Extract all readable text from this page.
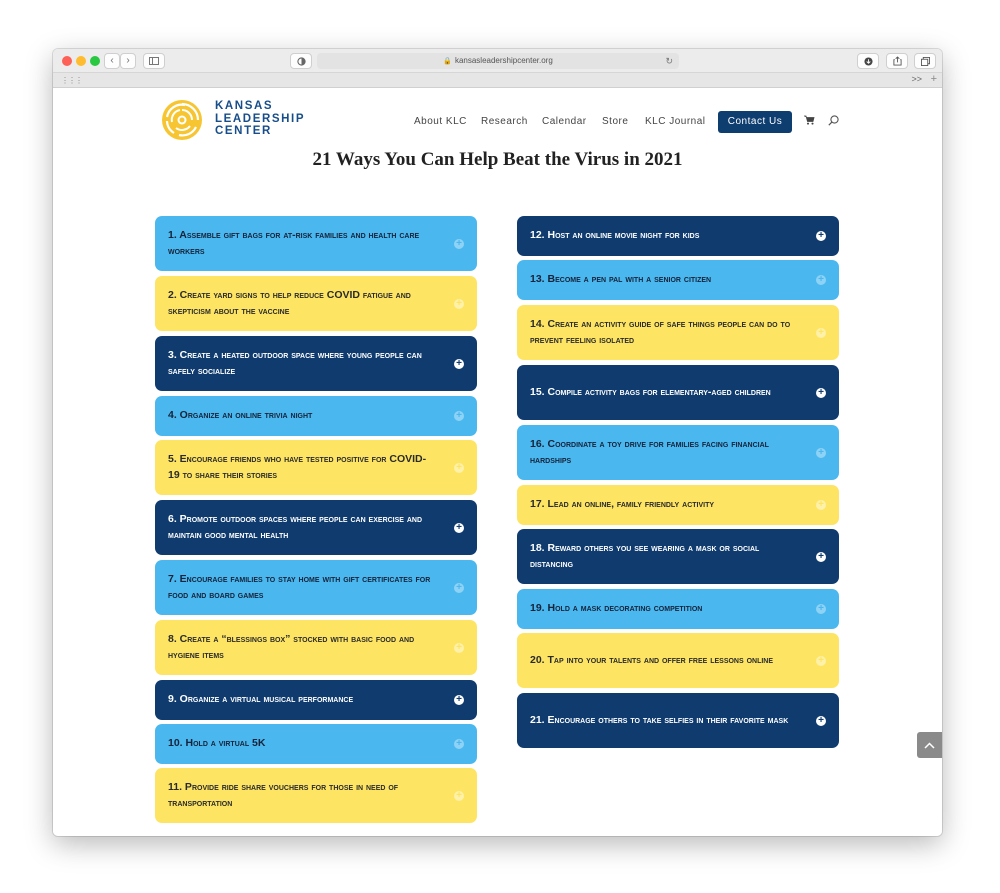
‹	›	🔒 kansasleadershipcenter.org	↻
⋮⋮⋮	>> +
KANSAS
LEADERSHIP
CENTER
About KLC Research Calendar Store KLC Journal	Contact Us
21 Ways You Can Help Beat the Virus in 2021
1. Assemble gift bags for at-risk families and health care workers
+
2. Create yard signs to help reduce COVID fatigue and skepticism about the vaccine
+
3. Create a heated outdoor space where young people can safely socialize
+
4. Organize an online trivia night	+
5. Encourage friends who have tested positive for COVID-19 to share their stories
+
6. Promote outdoor spaces where people can exercise and maintain good mental health
+
7. Encourage families to stay home with gift certificates for food and board games
+
8. Create a “blessings box” stocked with basic food and hygiene items
+
9. Organize a virtual musical performance	+
10. Hold a virtual 5K	+
11. Provide ride share vouchers for those in need of transportation
+
12. Host an online movie night for kids	+
13. Become a pen pal with a senior citizen	+
14. Create an activity guide of safe things people can do to prevent feeling isolated
+
15. Compile activity bags for elementary-aged children	+
16. Coordinate a toy drive for families facing financial hardships
+
17. Lead an online, family friendly activity	+
18. Reward others you see wearing a mask or social distancing
+
19. Hold a mask decorating competition	+
20. Tap into your talents and offer free lessons online	+
21. Encourage others to take selfies in their favorite mask	+
